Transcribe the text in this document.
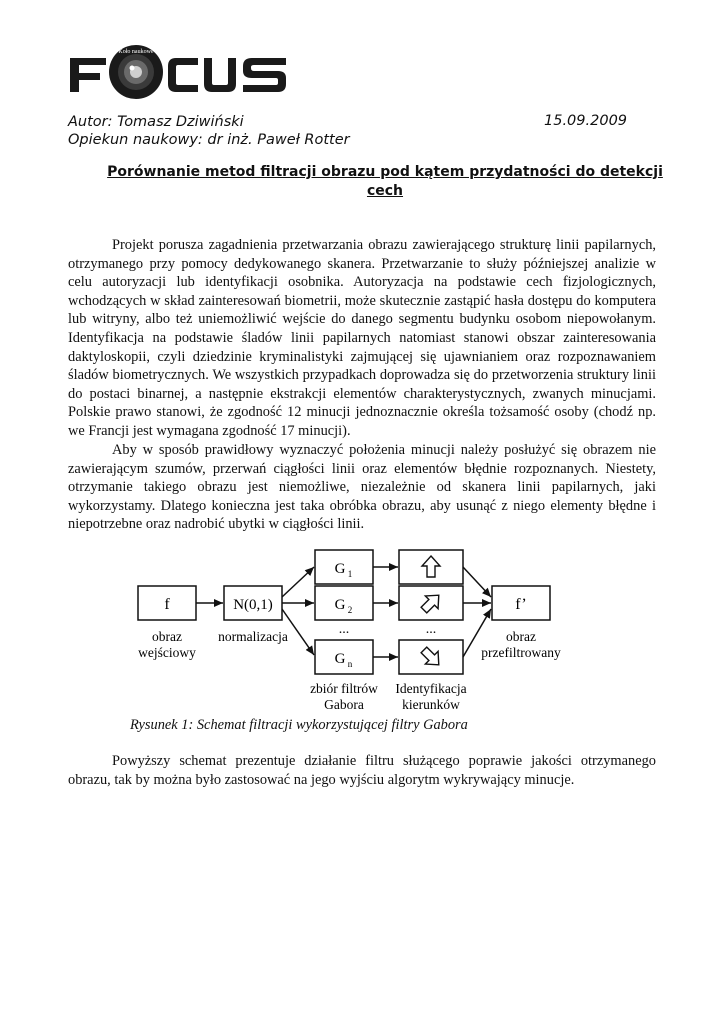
Koło naukowe
Autor: Tomasz Dziwiński	15.09.2009
Opiekun naukowy: dr inż. Paweł Rotter
Porównanie metod filtracji obrazu pod kątem przydatności do detekcji cech

Projekt porusza zagadnienia przetwarzania obrazu zawierającego strukturę linii papilarnych, otrzymanego przy pomocy dedykowanego skanera. Przetwarzanie to służy późniejszej analizie w celu autoryzacji lub identyfikacji osobnika. Autoryzacja na podstawie cech fizjologicznych, wchodzących w skład zainteresowań biometrii, może skutecznie zastąpić hasła dostępu do komputera lub witryny, albo też uniemożliwić wejście do danego segmentu budynku osobom niepowołanym. Identyfikacja na podstawie śladów linii papilarnych natomiast stanowi obszar zainteresowania daktyloskopii, czyli dziedzinie kryminalistyki zajmującej się ujawnianiem oraz rozpoznawaniem śladów biometrycznych. We wszystkich przypadkach doprowadza się do przetworzenia struktury linii do postaci binarnej, a następnie ekstrakcji elementów charakterystycznych, zwanych minucjami. Polskie prawo stanowi, że zgodność 12 minucji jednoznacznie określa tożsamość osoby (chodź np. we Francji jest wymagana zgodność 17 minucji).

Aby w sposób prawidłowy wyznaczyć położenia minucji należy posłużyć się obrazem nie zawierającym szumów, przerwań ciągłości linii oraz elementów błędnie rozpoznanych. Niestety, otrzymanie takiego obrazu jest niemożliwe, niezależnie od skanera linii papilarnych, jaki wykorzystamy. Dlatego konieczna jest taka obróbka obrazu, aby usunąć z niego elementy błędne i niepotrzebne oraz nadrobić ubytki w ciągłości linii.

f
obraz
wejściowy
N(0,1)
normalizacja
G 1
G 2
...
G n
zbiór filtrów
Gabora
...
Identyfikacja
kierunków
f’
obraz
przefiltrowany
Rysunek 1: Schemat filtracji wykorzystującej filtry Gabora

Powyższy schemat prezentuje działanie filtru służącego poprawie jakości otrzymanego obrazu, tak by można było zastosować na jego wyjściu algorytm wykrywający minucje.
